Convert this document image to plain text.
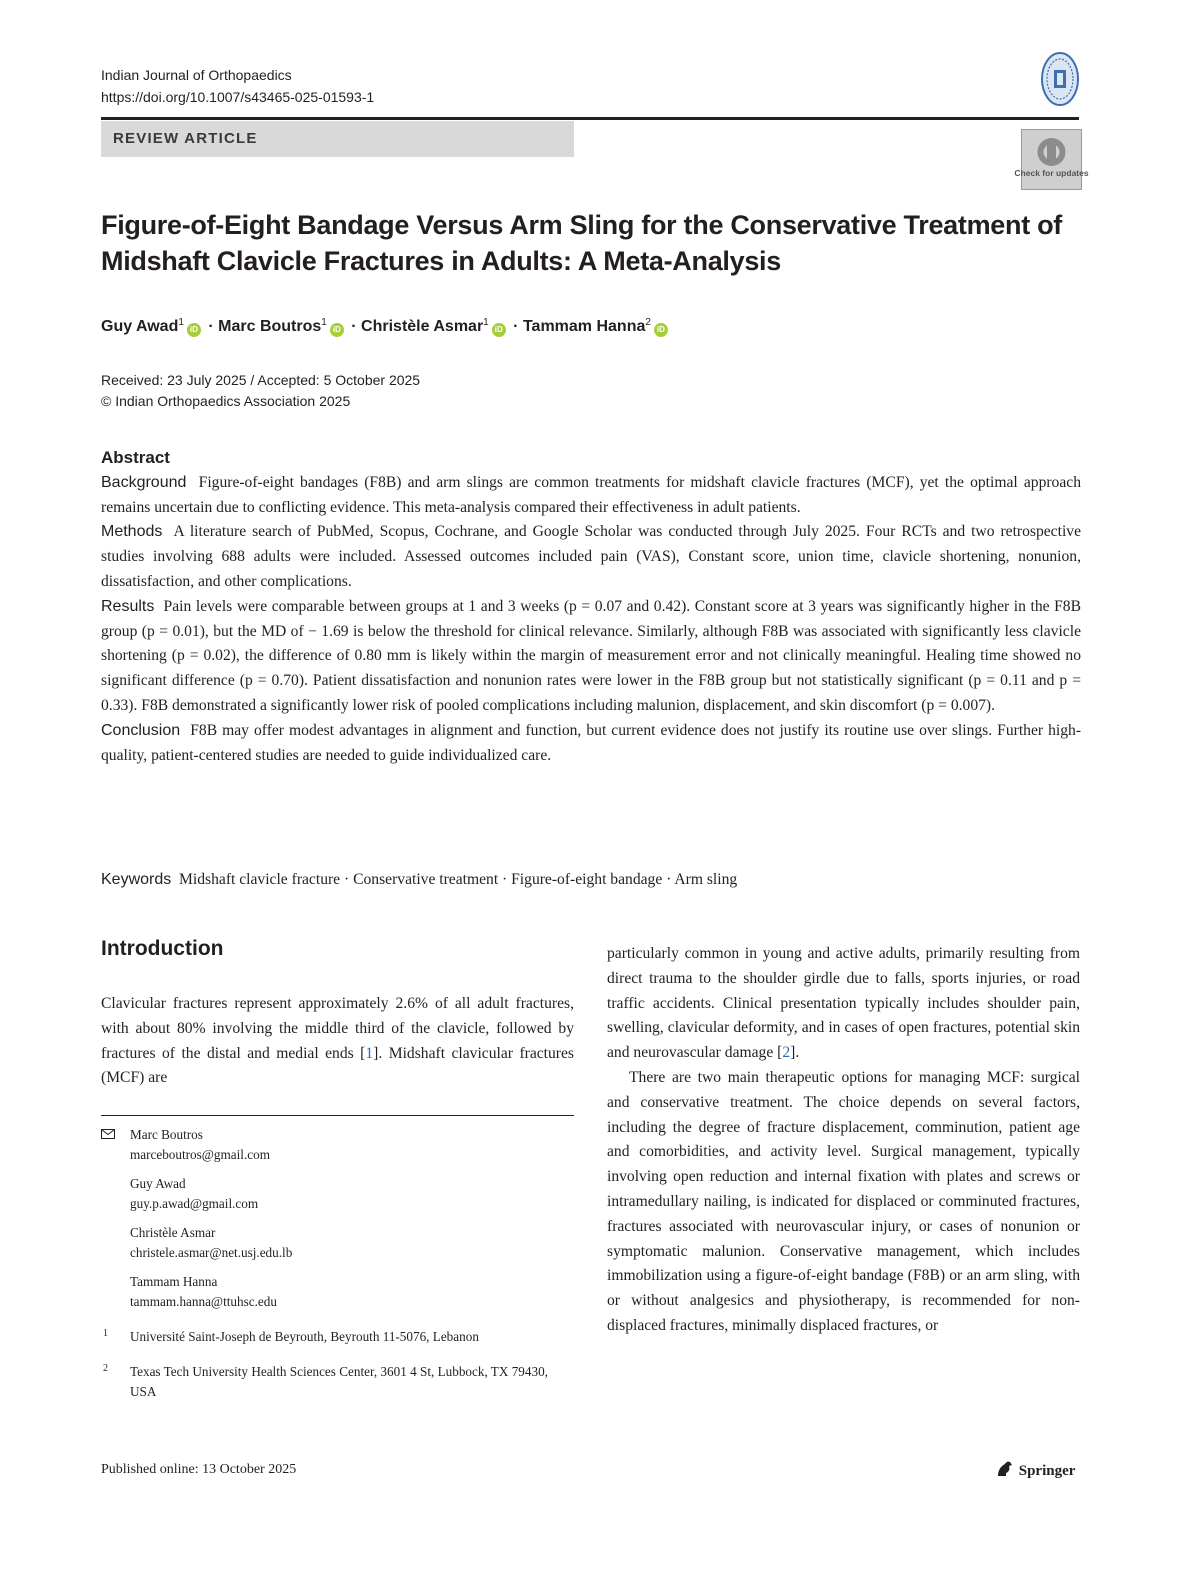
Indian Journal of Orthopaedics
https://doi.org/10.1007/s43465-025-01593-1
REVIEW ARTICLE
Check for updates
Figure-of-Eight Bandage Versus Arm Sling for the Conservative Treatment of Midshaft Clavicle Fractures in Adults: A Meta-Analysis
Guy Awad$^1$iD · Marc Boutros$^1$iD · Christèle Asmar$^1$iD · Tammam Hanna$^2$iD
Received: 23 July 2025 / Accepted: 5 October 2025
© Indian Orthopaedics Association 2025
Abstract

Background Figure-of-eight bandages (F8B) and arm slings are common treatments for midshaft clavicle fractures (MCF), yet the optimal approach remains uncertain due to conflicting evidence. This meta-analysis compared their effectiveness in adult patients.

Methods A literature search of PubMed, Scopus, Cochrane, and Google Scholar was conducted through July 2025. Four RCTs and two retrospective studies involving 688 adults were included. Assessed outcomes included pain (VAS), Constant score, union time, clavicle shortening, nonunion, dissatisfaction, and other complications.

Results Pain levels were comparable between groups at 1 and 3 weeks (p = 0.07 and 0.42). Constant score at 3 years was significantly higher in the F8B group (p = 0.01), but the MD of − 1.69 is below the threshold for clinical relevance. Similarly, although F8B was associated with significantly less clavicle shortening (p = 0.02), the difference of 0.80 mm is likely within the margin of measurement error and not clinically meaningful. Healing time showed no significant difference (p = 0.70). Patient dissatisfaction and nonunion rates were lower in the F8B group but not statistically significant (p = 0.11 and p = 0.33). F8B demonstrated a significantly lower risk of pooled complications including malunion, displacement, and skin discomfort (p = 0.007).

Conclusion F8B may offer modest advantages in alignment and function, but current evidence does not justify its routine use over slings. Further high-quality, patient-centered studies are needed to guide individualized care.

Keywords Midshaft clavicle fracture · Conservative treatment · Figure-of-eight bandage · Arm sling
Introduction
Clavicular fractures represent approximately 2.6% of all adult fractures, with about 80% involving the middle third of the clavicle, followed by fractures of the distal and medial ends [1]. Midshaft clavicular fractures (MCF) are

particularly common in young and active adults, primarily resulting from direct trauma to the shoulder girdle due to falls, sports injuries, or road traffic accidents. Clinical presentation typically includes shoulder pain, swelling, clavicular deformity, and in cases of open fractures, potential skin and neurovascular damage [2].

There are two main therapeutic options for managing MCF: surgical and conservative treatment. The choice depends on several factors, including the degree of fracture displacement, comminution, patient age and comorbidities, and activity level. Surgical management, typically involving open reduction and internal fixation with plates and screws or intramedullary nailing, is indicated for displaced or comminuted fractures, fractures associated with neurovascular injury, or cases of nonunion or symptomatic malunion. Conservative management, which includes immobilization using a figure-of-eight bandage (F8B) or an arm sling, with or without analgesics and physiotherapy, is recommended for non-displaced fractures, minimally displaced fractures, or

Marc Boutros
marceboutros@gmail.com
Guy Awad
guy.p.awad@gmail.com
Christèle Asmar
christele.asmar@net.usj.edu.lb
Tammam Hanna
tammam.hanna@ttuhsc.edu
1 Université Saint-Joseph de Beyrouth, Beyrouth 11-5076, Lebanon
2 Texas Tech University Health Sciences Center, 3601 4 St, Lubbock, TX 79430, USA
Published online: 13 October 2025	Springer
